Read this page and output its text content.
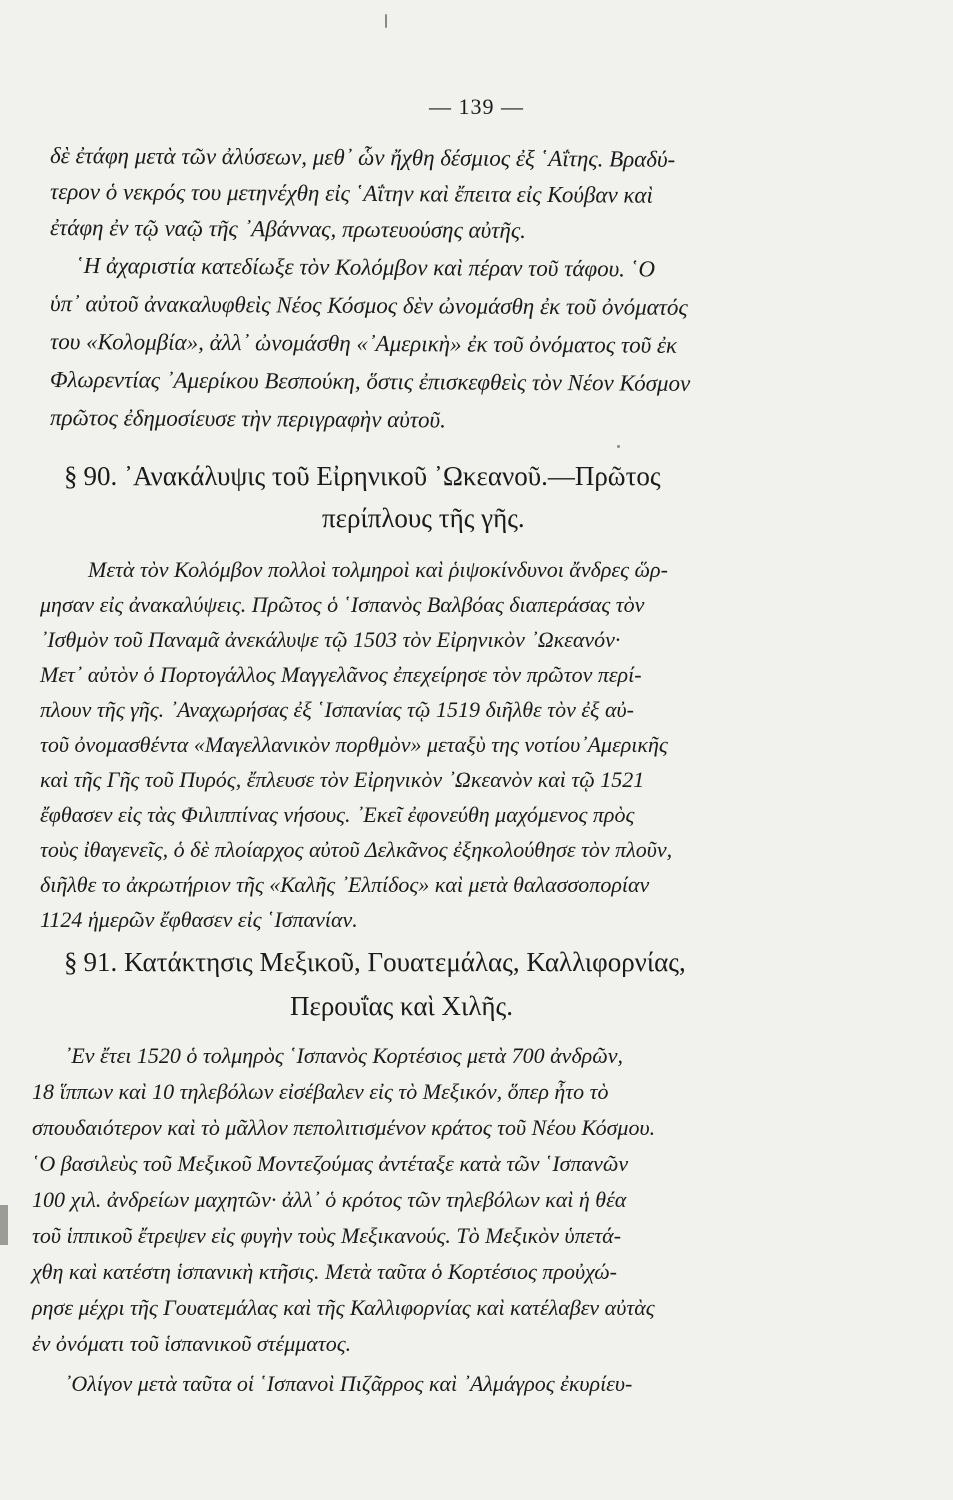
— 139 —
δὲ ἐτάφη μετὰ τῶν ἀλύσεων, μεθ᾽ ὧν ἤχθη δέσμιος ἐξ ῾Αΐτης. Βραδύ-
τερον ὁ νεκρός του μετηνέχθη εἰς ῾Αΐτην καὶ ἔπειτα εἰς Κούβαν καὶ
ἐτάφη ἐν τῷ ναῷ τῆς ᾽Αβάννας, πρωτευούσης αὐτῆς.
῾Η ἀχαριστία κατεδίωξε τὸν Κολόμβον καὶ πέραν τοῦ τάφου. ῾Ο
ὑπ᾽ αὐτοῦ ἀνακαλυφθεὶς Νέος Κόσμος δὲν ὠνομάσθη ἐκ τοῦ ὀνόματός
του «Κολομβία», ἀλλ᾽ ὠνομάσθη «᾽Αμερικὴ» ἐκ τοῦ ὀνόματος τοῦ ἐκ
Φλωρεντίας ᾽Αμερίκου Βεσπούκη, ὅστις ἐπισκεφθεὶς τὸν Νέον Κόσμον
πρῶτος ἐδημοσίευσε τὴν περιγραφὴν αὐτοῦ.
§ 90. ᾽Ανακάλυψις τοῦ Εἰρηνικοῦ ᾽Ωκεανοῦ.—Πρῶτος
περίπλους τῆς γῆς.
Μετὰ τὸν Κολόμβον πολλοὶ τολμηροὶ καὶ ῥιψοκίνδυνοι ἄνδρες ὥρ-
μησαν εἰς ἀνακαλύψεις. Πρῶτος ὁ ῾Ισπανὸς Βαλβόας διαπεράσας τὸν
᾽Ισθμὸν τοῦ Παναμᾶ ἀνεκάλυψε τῷ 1503 τὸν Εἰρηνικὸν ᾽Ωκεανόν·
Μετ᾽ αὐτὸν ὁ Πορτογάλλος Μαγγελᾶνος ἐπεχείρησε τὸν πρῶτον περί-
πλουν τῆς γῆς. ᾽Αναχωρήσας ἐξ ῾Ισπανίας τῷ 1519 διῆλθε τὸν ἐξ αὐ-
τοῦ ὀνομασθέντα «Μαγελλανικὸν πορθμὸν» μεταξὺ της νοτίου᾽Αμερικῆς
καὶ τῆς Γῆς τοῦ Πυρός, ἔπλευσε τὸν Εἰρηνικὸν ᾽Ωκεανὸν καὶ τῷ 1521
ἔφθασεν εἰς τὰς Φιλιππίνας νήσους. ᾽Εκεῖ ἐφονεύθη μαχόμενος πρὸς
τοὺς ἰθαγενεῖς, ὁ δὲ πλοίαρχος αὐτοῦ Δελκᾶνος ἐξηκολούθησε τὸν πλοῦν,
διῆλθε το ἀκρωτήριον τῆς «Καλῆς ᾽Ελπίδος» καὶ μετὰ θαλασσοπορίαν
1124 ἡμερῶν ἔφθασεν εἰς ῾Ισπανίαν.
§ 91. Κατάκτησις Μεξικοῦ, Γουατεμάλας, Καλλιφορνίας,
Περουΐας καὶ Χιλῆς.
᾽Εν ἔτει 1520 ὁ τολμηρὸς ῾Ισπανὸς Κορτέσιος μετὰ 700 ἀνδρῶν,
18 ἵππων καὶ 10 τηλεβόλων εἰσέβαλεν εἰς τὸ Μεξικόν, ὅπερ ἦτο τὸ
σπουδαιότερον καὶ τὸ μᾶλλον πεπολιτισμένον κράτος τοῦ Νέου Κόσμου.
῾Ο βασιλεὺς τοῦ Μεξικοῦ Μοντεζούμας ἀντέταξε κατὰ τῶν ῾Ισπανῶν
100 χιλ. ἀνδρείων μαχητῶν· ἀλλ᾽ ὁ κρότος τῶν τηλεβόλων καὶ ἡ θέα
τοῦ ἱππικοῦ ἔτρεψεν εἰς φυγὴν τοὺς Μεξικανούς. Τὸ Μεξικὸν ὑπετά-
χθη καὶ κατέστη ἱσπανικὴ κτῆσις. Μετὰ ταῦτα ὁ Κορτέσιος προὐχώ-
ρησε μέχρι τῆς Γουατεμάλας καὶ τῆς Καλλιφορνίας καὶ κατέλαβεν αὐτὰς
ἐν ὀνόματι τοῦ ἱσπανικοῦ στέμματος.
᾽Ολίγον μετὰ ταῦτα οἱ ῾Ισπανοὶ Πιζᾶρρος καὶ ᾽Αλμάγρος ἐκυρίευ-
